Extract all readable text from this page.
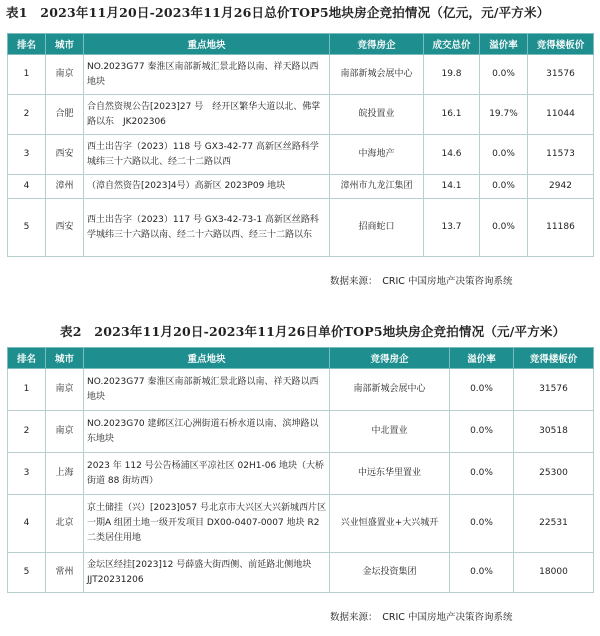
表1　2023年11月20日-2023年11月26日总价TOP5地块房企竞拍情况（亿元，元/平方米）
排名	城市	重点地块	竞得房企	成交总价	溢价率	竞得楼板价
1	南京	NO.2023G77 秦淮区南部新城汇景北路以南、祥天路以西地块	南部新城会展中心	19.8	0.0%	31576
2	合肥	合自然资规公告[2023]27 号　经开区繁华大道以北、佛掌路以东　JK202306	皖投置业	16.1	19.7%	11044
3	西安	西土出告字（2023）118 号 GX3-42-77 高新区丝路科学城纬三十六路以北、经二十二路以西	中海地产	14.6	0.0%	11573
4	漳州	（漳自然资告[2023]4号）高新区 2023P09 地块	漳州市九龙江集团	14.1	0.0%	2942
5	西安	西土出告字（2023）117 号 GX3-42-73-1 高新区丝路科学城纬三十六路以南、经二十六路以西、经三十二路以东	招商蛇口	13.7	0.0%	11186
数据来源：　CRIC 中国房地产决策咨询系统
表2　2023年11月20日-2023年11月26日单价TOP5地块房企竞拍情况（元/平方米）
排名	城市	重点地块	竞得房企	溢价率	竞得楼板价
1	南京	NO.2023G77 秦淮区南部新城汇景北路以南、祥天路以西地块	南部新城会展中心	0.0%	31576
2	南京	NO.2023G70 建邺区江心洲街道石桥水道以南、滨坤路以东地块	中北置业	0.0%	30518
3	上海	2023 年 112 号公告杨浦区平凉社区 02H1-06 地块（大桥街道 88 街坊西）	中远东华里置业	0.0%	25300
4	北京	京土储挂（兴）[2023]057 号北京市大兴区大兴新城西片区一期A 组团土地一级开发项目 DX00-0407-0007 地块 R2 二类居住用地	兴业恒盛置业+大兴城开	0.0%	22531
5	常州	金坛区经挂[2023]12 号薛盛大街西侧、前延路北侧地块 JJT20231206	金坛投资集团	0.0%	18000
数据来源：　CRIC 中国房地产决策咨询系统
